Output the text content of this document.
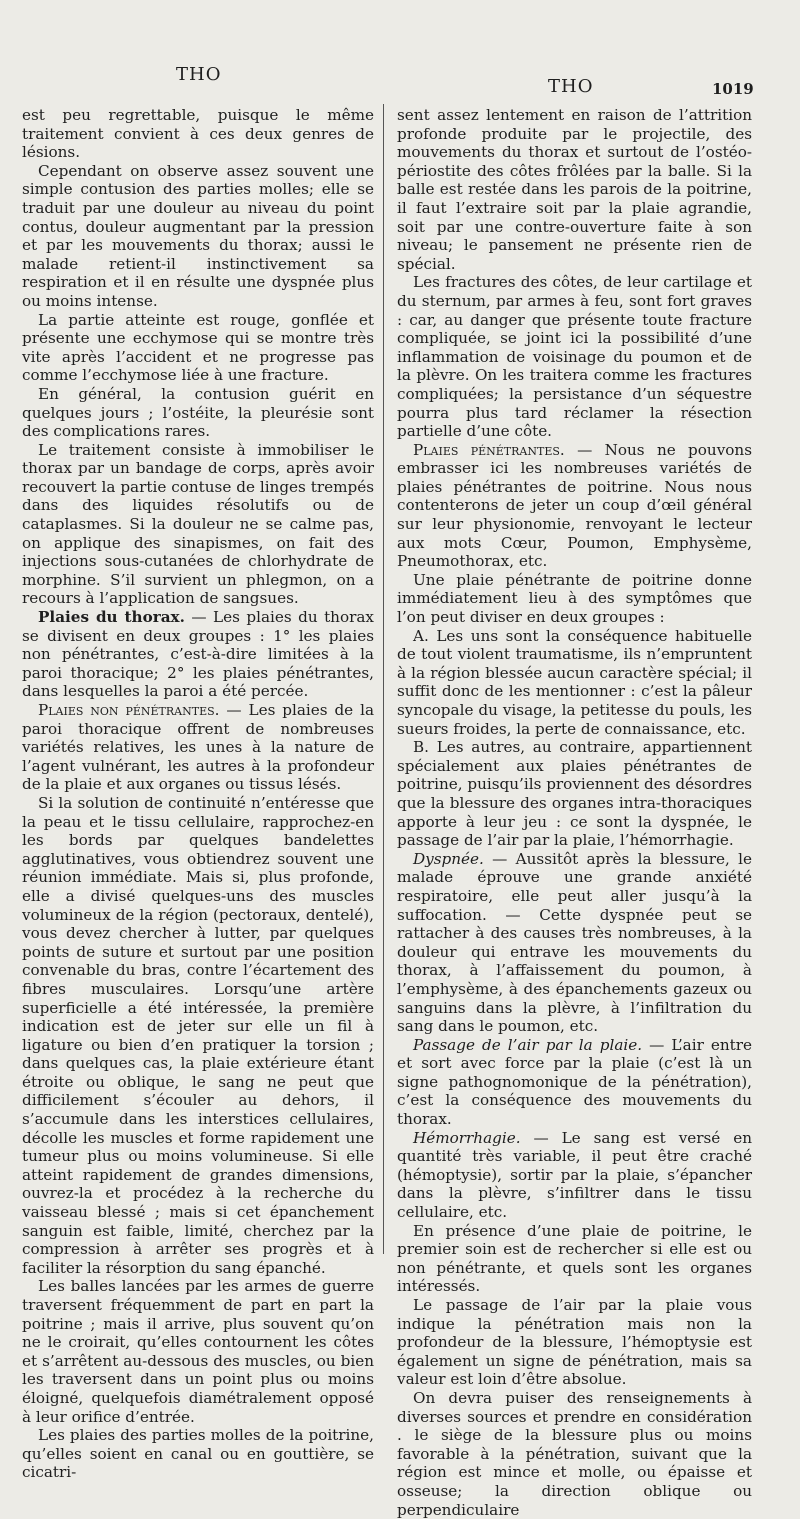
THO
THO	1019

est peu regrettable, puisque le même traitement convient à ces deux genres de lésions.

Cependant on observe assez souvent une simple contusion des parties molles; elle se traduit par une douleur au niveau du point contus, douleur augmentant par la pression et par les mouvements du thorax; aussi le malade retient-il instinctivement sa respiration et il en résulte une dyspnée plus ou moins intense.

La partie atteinte est rouge, gonflée et présente une ecchymose qui se montre très vite après l’accident et ne progresse pas comme l’ecchymose liée à une fracture.

En général, la contusion guérit en quelques jours ; l’ostéite, la pleurésie sont des complications rares.

Le traitement consiste à immobiliser le thorax par un bandage de corps, après avoir recouvert la partie contuse de linges trempés dans des liquides résolutifs ou de cataplasmes. Si la douleur ne se calme pas, on applique des sinapismes, on fait des injections sous-cutanées de chlorhydrate de morphine. S’il survient un phlegmon, on a recours à l’application de sangsues.

Plaies du thorax. — Les plaies du thorax se divisent en deux groupes : 1° les plaies non pénétrantes, c’est-à-dire limitées à la paroi thoracique; 2° les plaies pénétrantes, dans lesquelles la paroi a été percée.

Plaies non pénétrantes. — Les plaies de la paroi thoracique offrent de nombreuses variétés relatives, les unes à la nature de l’agent vulnérant, les autres à la profondeur de la plaie et aux organes ou tissus lésés.

Si la solution de continuité n’entéresse que la peau et le tissu cellulaire, rapprochez-en les bords par quelques bandelettes agglutinatives, vous obtiendrez souvent une réunion immédiate. Mais si, plus profonde, elle a divisé quelques-uns des muscles volumineux de la région (pectoraux, dentelé), vous devez chercher à lutter, par quelques points de suture et surtout par une position convenable du bras, contre l’écartement des fibres musculaires. Lorsqu’une artère superficielle a été intéressée, la première indication est de jeter sur elle un fil à ligature ou bien d’en pratiquer la torsion ; dans quelques cas, la plaie extérieure étant étroite ou oblique, le sang ne peut que difficilement s’écouler au dehors, il s’accumule dans les interstices cellulaires, décolle les muscles et forme rapidement une tumeur plus ou moins volumineuse. Si elle atteint rapidement de grandes dimensions, ouvrez-la et procédez à la recherche du vaisseau blessé ; mais si cet épanchement sanguin est faible, limité, cherchez par la compression à arrêter ses progrès et à faciliter la résorption du sang épanché.

Les balles lancées par les armes de guerre traversent fréquemment de part en part la poitrine ; mais il arrive, plus souvent qu’on ne le croirait, qu’elles contournent les côtes et s’arrêtent au-dessous des muscles, ou bien les traversent dans un point plus ou moins éloigné, quelquefois diamétralement opposé à leur orifice d’entrée.

Les plaies des parties molles de la poitrine, qu’elles soient en canal ou en gouttière, se cicatri-

sent assez lentement en raison de l’attrition profonde produite par le projectile, des mouvements du thorax et surtout de l’ostéo-périostite des côtes frôlées par la balle. Si la balle est restée dans les parois de la poitrine, il faut l’extraire soit par la plaie agrandie, soit par une contre-ouverture faite à son niveau; le pansement ne présente rien de spécial.

Les fractures des côtes, de leur cartilage et du sternum, par armes à feu, sont fort graves : car, au danger que présente toute fracture compliquée, se joint ici la possibilité d’une inflammation de voisinage du poumon et de la plèvre. On les traitera comme les fractures compliquées; la persistance d’un séquestre pourra plus tard réclamer la résection partielle d’une côte.

Plaies pénétrantes. — Nous ne pouvons embrasser ici les nombreuses variétés de plaies pénétrantes de poitrine. Nous nous contenterons de jeter un coup d’œil général sur leur physionomie, renvoyant le lecteur aux mots Cœur, Poumon, Emphysème, Pneumothorax, etc.

Une plaie pénétrante de poitrine donne immédiatement lieu à des symptômes que l’on peut diviser en deux groupes :

A. Les uns sont la conséquence habituelle de tout violent traumatisme, ils n’empruntent à la région blessée aucun caractère spécial; il suffit donc de les mentionner : c’est la pâleur syncopale du visage, la petitesse du pouls, les sueurs froides, la perte de connaissance, etc.

B. Les autres, au contraire, appartiennent spécialement aux plaies pénétrantes de poitrine, puisqu’ils proviennent des désordres que la blessure des organes intra-thoraciques apporte à leur jeu : ce sont la dyspnée, le passage de l’air par la plaie, l’hémorrhagie.

Dyspnée. — Aussitôt après la blessure, le malade éprouve une grande anxiété respiratoire, elle peut aller jusqu’à la suffocation. — Cette dyspnée peut se rattacher à des causes très nombreuses, à la douleur qui entrave les mouvements du thorax, à l’affaissement du poumon, à l’emphysème, à des épanchements gazeux ou sanguins dans la plèvre, à l’infiltration du sang dans le poumon, etc.

Passage de l’air par la plaie. — L’air entre et sort avec force par la plaie (c’est là un signe pathognomonique de la pénétration), c’est la conséquence des mouvements du thorax.

Hémorrhagie. — Le sang est versé en quantité très variable, il peut être craché (hémoptysie), sortir par la plaie, s’épancher dans la plèvre, s’infiltrer dans le tissu cellulaire, etc.

En présence d’une plaie de poitrine, le premier soin est de rechercher si elle est ou non pénétrante, et quels sont les organes intéressés.

Le passage de l’air par la plaie vous indique la pénétration mais non la profondeur de la blessure, l’hémoptysie est également un signe de pénétration, mais sa valeur est loin d’être absolue.

On devra puiser des renseignements à diverses sources et prendre en considération . le siège de la blessure plus ou moins favorable à la pénétration, suivant que la région est mince et molle, ou épaisse et osseuse; la direction oblique ou perpendiculaire
